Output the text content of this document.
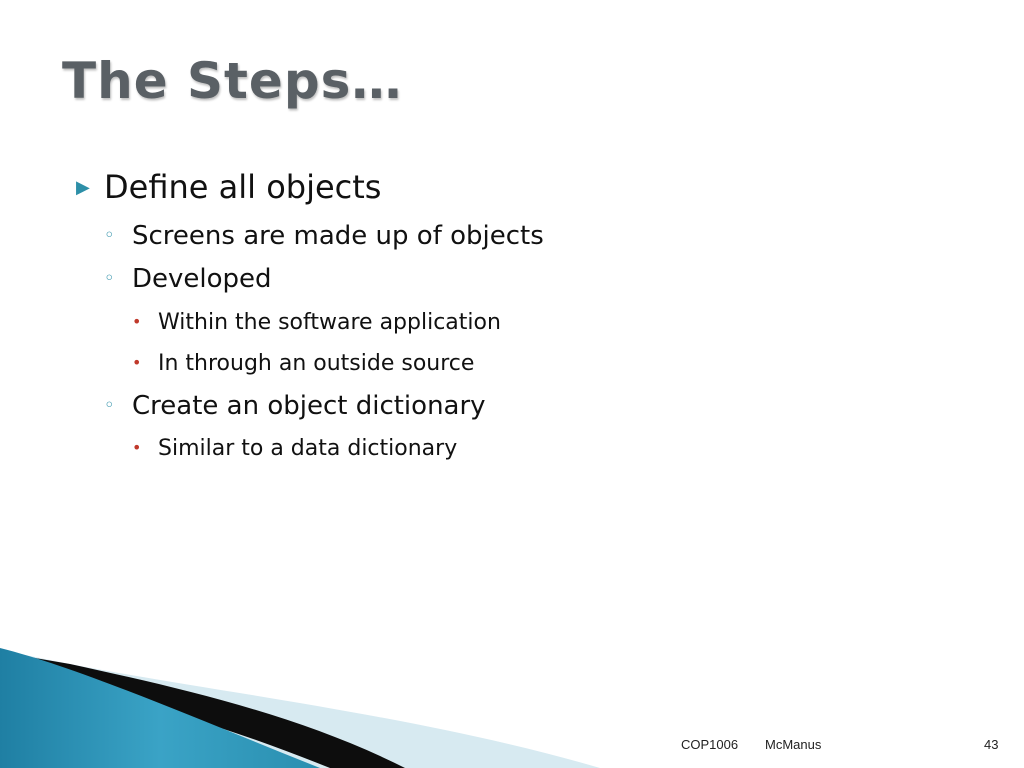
The Steps…
▶ Define all objects
◦ Screens are made up of objects
◦ Developed
• Within the software application
• In through an outside source
◦ Create an object dictionary
• Similar to a data dictionary
COP1006 McManus	43
